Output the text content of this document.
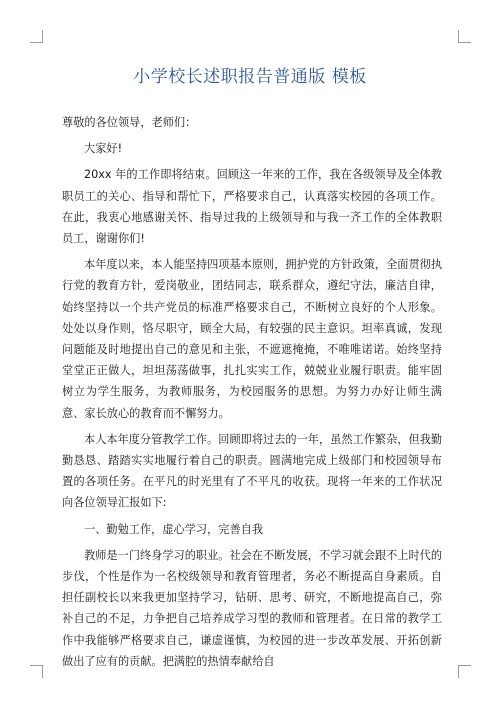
小学校长述职报告普通版 模板

尊敬的各位领导，老师们：

大家好!

20xx 年的工作即将结束。回顾这一年来的工作，我在各级领导及全体教职员工的关心、指导和帮忙下，严格要求自己，认真落实校园的各项工作。在此，我衷心地感谢关怀、指导过我的上级领导和与我一齐工作的全体教职员工，谢谢你们!

本年度以来，本人能坚持四项基本原则，拥护党的方针政策，全面贯彻执行党的教育方针，爱岗敬业，团结同志，联系群众，遵纪守法，廉洁自律，始终坚持以一个共产党员的标准严格要求自己，不断树立良好的个人形象。处处以身作则，恪尽职守，顾全大局，有较强的民主意识。坦率真诚，发现问题能及时地提出自己的意见和主张，不遮遮掩掩，不唯唯诺诺。始终坚持堂堂正正做人，坦坦荡荡做事，扎扎实实工作，兢兢业业履行职责。能牢固树立为学生服务，为教师服务，为校园服务的思想。为努力办好让师生满意、家长放心的教育而不懈努力。

本人本年度分管教学工作。回顾即将过去的一年，虽然工作繁杂，但我勤勤恳恳、踏踏实实地履行着自己的职责。圆满地完成上级部门和校园领导布置的各项任务。在平凡的时光里有了不平凡的收获。现将一年来的工作状况向各位领导汇报如下:

一、勤勉工作，虚心学习，完善自我

教师是一门终身学习的职业。社会在不断发展，不学习就会跟不上时代的步伐，个性是作为一名校级领导和教育管理者，务必不断提高自身素质。自担任副校长以来我更加坚持学习，钻研、思考、研究，不断地提高自己，弥补自己的不足，力争把自己培养成学习型的教师和管理者。在日常的教学工作中我能够严格要求自己，谦虚谨慎，为校园的进一步改革发展、开拓创新做出了应有的贡献。把满腔的热情奉献给自
